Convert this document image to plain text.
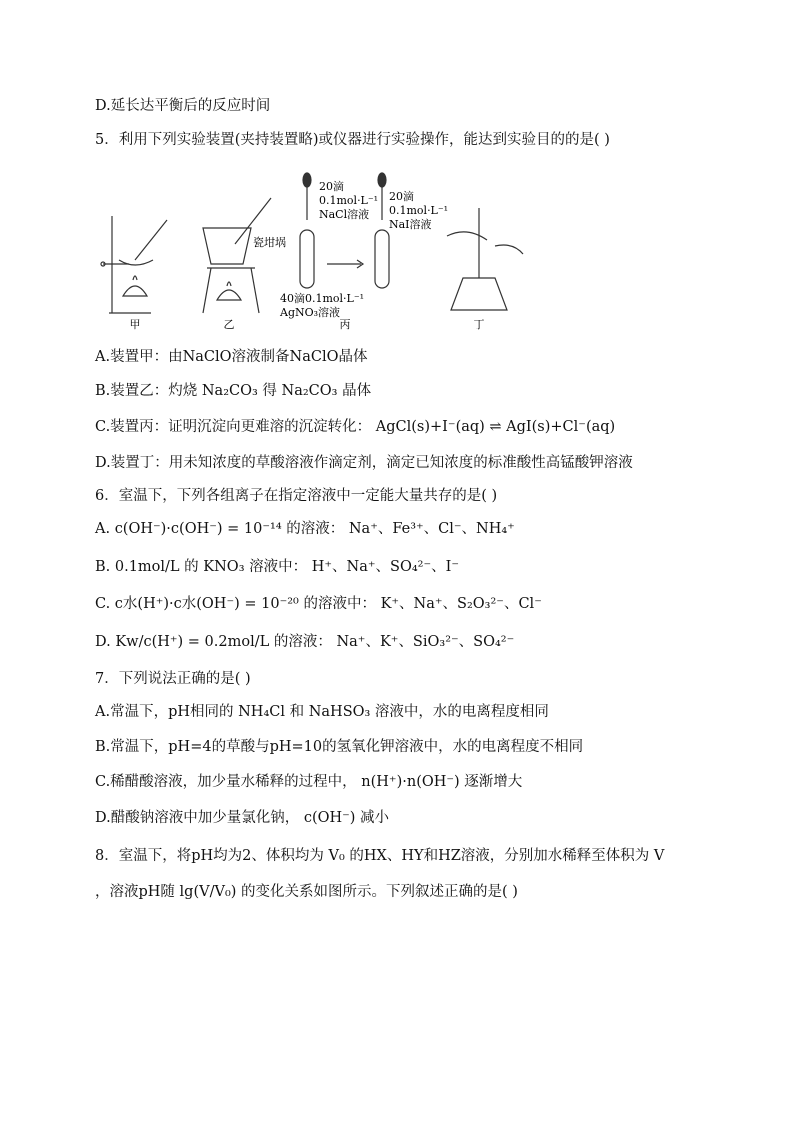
D.延长达平衡后的反应时间
5．利用下列实验装置(夹持装置略)或仪器进行实验操作，能达到实验目的的是( )
甲	乙	丙	丁
瓷坩埚
20滴
0.1mol·L⁻¹
NaCl溶液
20滴
0.1mol·L⁻¹
NaI溶液
40滴0.1mol·L⁻¹
AgNO₃溶液
A.装置甲：由NaClO溶液制备NaClO晶体
B.装置乙：灼烧 Na₂CO₃ 得 Na₂CO₃ 晶体
C.装置丙：证明沉淀向更难溶的沉淀转化： AgCl(s)+I⁻(aq) ⇌ AgI(s)+Cl⁻(aq)
D.装置丁：用未知浓度的草酸溶液作滴定剂，滴定已知浓度的标准酸性高锰酸钾溶液
6．室温下，下列各组离子在指定溶液中一定能大量共存的是( )
A. c(OH⁻)·c(OH⁻) = 10⁻¹⁴ 的溶液： Na⁺、Fe³⁺、Cl⁻、NH₄⁺
B. 0.1mol/L 的 KNO₃ 溶液中： H⁺、Na⁺、SO₄²⁻、I⁻
C. c水(H⁺)·c水(OH⁻) = 10⁻²⁰ 的溶液中： K⁺、Na⁺、S₂O₃²⁻、Cl⁻
D. Kw/c(H⁺) = 0.2mol/L 的溶液： Na⁺、K⁺、SiO₃²⁻、SO₄²⁻
7．下列说法正确的是( )
A.常温下，pH相同的 NH₄Cl 和 NaHSO₃ 溶液中，水的电离程度相同
B.常温下，pH=4的草酸与pH=10的氢氧化钾溶液中，水的电离程度不相同
C.稀醋酸溶液，加少量水稀释的过程中， n(H⁺)·n(OH⁻) 逐渐增大
D.醋酸钠溶液中加少量氯化钠， c(OH⁻) 减小
8．室温下，将pH均为2、体积均为 V₀ 的HX、HY和HZ溶液，分别加水稀释至体积为 V
，溶液pH随 lg(V/V₀) 的变化关系如图所示。下列叙述正确的是( )
